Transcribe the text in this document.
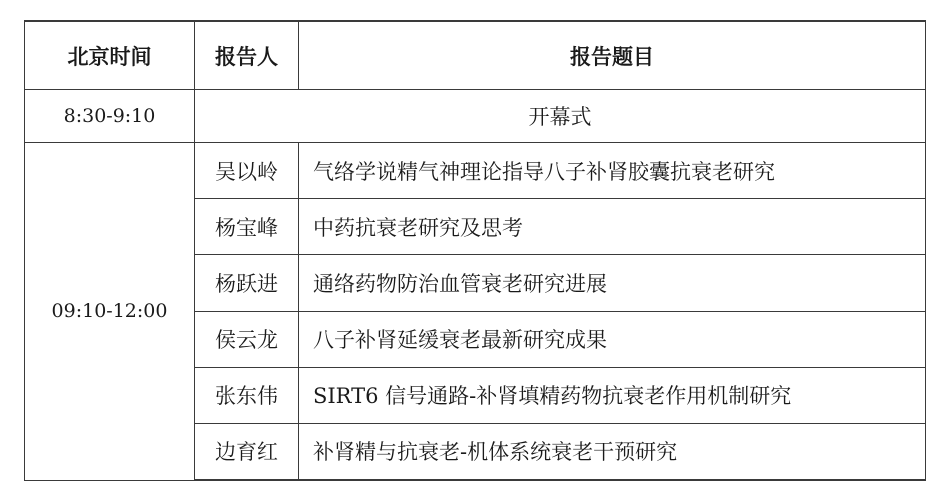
北京时间	报告人	报告题目
8:30-9:10	开幕式	
09:10-12:00	吴以岭	气络学说精气神理论指导八子补肾胶囊抗衰老研究
	杨宝峰	中药抗衰老研究及思考
	杨跃进	通络药物防治血管衰老研究进展
	侯云龙	八子补肾延缓衰老最新研究成果
	张东伟	SIRT6 信号通路-补肾填精药物抗衰老作用机制研究
	边育红	补肾精与抗衰老-机体系统衰老干预研究
